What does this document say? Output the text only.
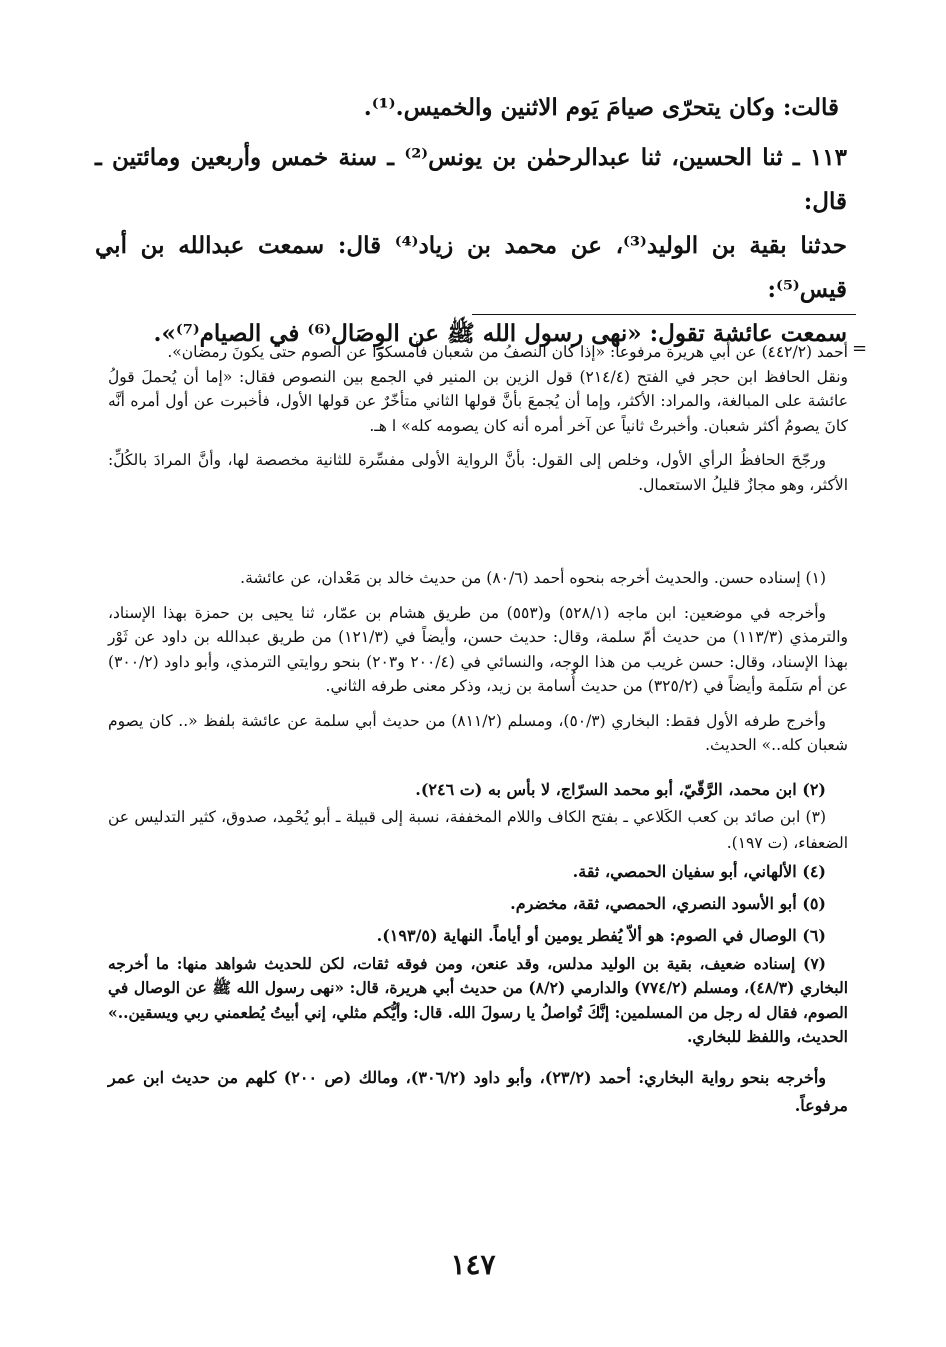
قالت: وكان يتحرّى صيامَ يَوم الاثنين والخميس.⁽¹⁾.

١١٣ ـ ثنا الحسين، ثنا عبدالرحمٰن بن يونس⁽²⁾ ـ سنة خمس وأربعين ومائتين ـ قال:

حدثنا بقية بن الوليد⁽³⁾، عن محمد بن زياد⁽⁴⁾ قال: سمعت عبدالله بن أبي قيس⁽⁵⁾:

سمعت عائشة تقول: «نهى رسول الله ﷺ عن الوِصَال⁽⁶⁾ في الصيام⁽⁷⁾».

=

أحمد (٤٤٢/٢) عن أبي هريرة مرفوعاً: «إذا كان النصفُ من شعبان فأمسكوا عن الصوم حتى يكونَ رمضان».

ونقل الحافظ ابن حجر في الفتح (٢١٤/٤) قول الزين بن المنير في الجمع بين النصوص فقال: «إما أن يُحملَ قولُ عائشة على المبالغة، والمراد: الأكثر، وإما أن يُجمعَ بأنَّ قولها الثاني متأخّرٌ عن قولها الأول، فأخبرت عن أول أمره أنَّه كانَ يصومُ أكثر شعبان. وأخبرتْ ثانياً عن آخر أمره أنه كان يصومه كله» ا هـ.

ورجّحَ الحافظُ الرأي الأول، وخلص إلى القول: بأنَّ الرواية الأولى مفسِّرة للثانية مخصصة لها، وأنَّ المرادَ بالكُلِّ: الأكثر، وهو مجازٌ قليلُ الاستعمال.

(١) إسناده حسن. والحديث أخرجه بنحوه أحمد (٨٠/٦) من حديث خالد بن مَعْدان، عن عائشة.

وأخرجه في موضعين: ابن ماجه (٥٢٨/١) و(٥٥٣) من طريق هشام بن عمّار، ثنا يحيى بن حمزة بهذا الإسناد، والترمذي (١١٣/٣) من حديث أمّ سلمة، وقال: حديث حسن، وأيضاً في (١٢١/٣) من طريق عبدالله بن داود عن ثَوْر بهذا الإسناد، وقال: حسن غريب من هذا الوجه، والنسائي في (٢٠٠/٤ و٢٠٣) بنحو روايتي الترمذي، وأبو داود (٣٠٠/٢) عن أم سَلَمة وأيضاً في (٣٢٥/٢) من حديث أُسامة بن زيد، وذكر معنى طرفه الثاني.

وأخرج طرفه الأول فقط: البخاري (٥٠/٣)، ومسلم (٨١١/٢) من حديث أبي سلمة عن عائشة بلفظ «.. كان يصوم شعبان كله..» الحديث.

(٢) ابن محمد، الرَّقّيّ، أبو محمد السرّاج، لا بأس به (ت ٢٤٦).

(٣) ابن صائد بن كعب الكَلاعي ـ بفتح الكاف واللام المخففة، نسبة إلى قبيلة ـ أبو يُحْمِد، صدوق، كثير التدليس عن الضعفاء، (ت ١٩٧).

(٤) الألهاني، أبو سفيان الحمصي، ثقة.

(٥) أبو الأسود النصري، الحمصي، ثقة، مخضرم.

(٦) الوصال في الصوم: هو ألاّ يُفطر يومين أو أياماً. النهاية (١٩٣/٥).

(٧) إسناده ضعيف، بقية بن الوليد مدلس، وقد عنعن، ومن فوقه ثقات، لكن للحديث شواهد منها: ما أخرجه البخاري (٤٨/٣)، ومسلم (٧٧٤/٢) والدارمي (٨/٢) من حديث أبي هريرة، قال: «نهى رسول الله ﷺ عن الوصال في الصوم، فقال له رجل من المسلمين: إنَّكَ تُواصلُ يا رسولَ الله. قال: وأيُّكم مثلي، إني أبيتُ يُطعمني ربي ويسقين..» الحديث، واللفظ للبخاري.

وأخرجه بنحو رواية البخاري: أحمد (٢٣/٢)، وأبو داود (٣٠٦/٢)، ومالك (ص ٢٠٠) كلهم من حديث ابن عمر مرفوعاً.

١٤٧
